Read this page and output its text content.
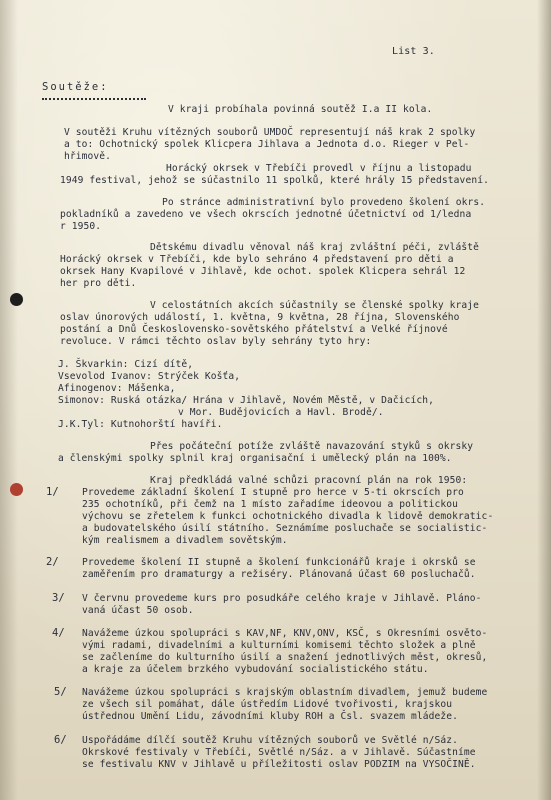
List 3.
Soutěže:
V kraji probíhala povinná soutěž I.a II kola.
V soutěži Kruhu vítězných souborů UMDOČ representují náš krak 2 spolky
a to: Ochotnický spolek Klicpera Jihlava a Jednota d.o. Rieger v Pel-
hřimově.
Horácký okrsek v Třebíči provedl v říjnu a listopadu
1949 festival, jehož se súčastnilo 11 spolků, které hrály 15 představení.
Po stránce administrativní bylo provedeno školení okrs.
pokladníků a zavedeno ve všech okrscích jednotné účetnictví od 1/ledna
r 1950.
Dětskému divadlu věnoval náš kraj zvláštní péči, zvláště
Horácký okrsek v Třebíči, kde bylo sehráno 4 představení pro děti a
okrsek Hany Kvapilové v Jihlavě, kde ochot. spolek Klicpera sehrál 12
her pro děti.
V celostátních akcích súčastnily se členské spolky kraje
oslav únorových událostí, 1. května, 9 května, 28 října, Slovenského
postání a Dnů Československo-sovětského přátelství a Velké říjnové
revoluce. V rámci těchto oslav byly sehrány tyto hry:
J. Škvarkin: Cizí dítě,
Vsevolod Ivanov: Strýček Košťa,
Afinogenov: Mášenka,
Simonov: Ruská otázka/ Hrána v Jihlavě, Novém Městě, v Dačicích,
v Mor. Budějovicích a Havl. Brodě/.
J.K.Tyl: Kutnohorští havíři.
Přes počáteční potíže zvláště navazování styků s okrsky
a členskými spolky splnil kraj organisační i umělecký plán na 100%.
Kraj předkládá valné schůzi pracovní plán na rok 1950:
1/ Provedeme základní školení I stupně pro herce v 5-ti okrscích pro
235 ochotníků, při čemž na 1 místo zařadíme ideovou a politickou
výchovu se zřetelem k funkci ochotnického divadla k lidově demokratic-
a budovatelského úsilí státního. Seznámíme posluchače se socialistic-
kým realismem a divadlem sovětským.
2/ Provedeme školení II stupně a školení funkcionářů kraje i okrsků se
zaměřením pro dramaturgy a režiséry. Plánovaná účast 60 posluchačů.
3/ V červnu provedeme kurs pro posudkáře celého kraje v Jihlavě. Pláno-
vaná účast 50 osob.
4/ Navážeme úzkou spolupráci s KAV,NF, KNV,ONV, KSČ, s Okresními osvěto-
vými radami, divadelními a kulturními komisemi těchto složek a plně
se začleníme do kulturního úsilí a snažení jednotlivých měst, okresů,
a kraje za účelem brzkého vybudování socialistického státu.
5/ Navážeme úzkou spolupráci s krajským oblastním divadlem, jemuž budeme
ze všech sil pomáhat, dále ústředím Lidové tvořivosti, krajskou
ústřednou Umění Lidu, závodními kluby ROH a Čsl. svazem mládeže.
6/ Uspořádáme dílčí soutěž Kruhu vítězných souborů ve Světlé n/Sáz.
Okrskové festivaly v Třebíči, Světlé n/Sáz. a v Jihlavě. Súčastníme
se festivalu KNV v Jihlavě u příležitosti oslav PODZIM na VYSOČINĚ.
